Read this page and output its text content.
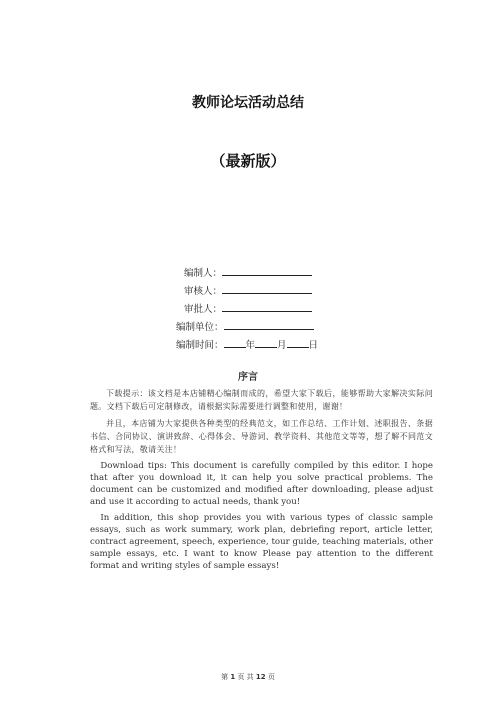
教师论坛活动总结
（最新版）
编制人：
审核人：
审批人：
编制单位：
编制时间： 年 月 日
序言

下载提示：该文档是本店铺精心编制而成的，希望大家下载后，能够帮助大家解决实际问题。文档下载后可定制修改，请根据实际需要进行调整和使用，谢谢！

并且，本店铺为大家提供各种类型的经典范文，如工作总结、工作计划、述职报告、条据书信、合同协议、演讲致辞、心得体会、导游词、教学资料、其他范文等等，想了解不同范文格式和写法，敬请关注！

Download tips: This document is carefully compiled by this editor. I hope that after you download it, it can help you solve practical problems. The document can be customized and modified after downloading, please adjust and use it according to actual needs, thank you!

In addition, this shop provides you with various types of classic sample essays, such as work summary, work plan, debriefing report, article letter, contract agreement, speech, experience, tour guide, teaching materials, other sample essays, etc. I want to know Please pay attention to the different format and writing styles of sample essays!

第 1 页 共 12 页
